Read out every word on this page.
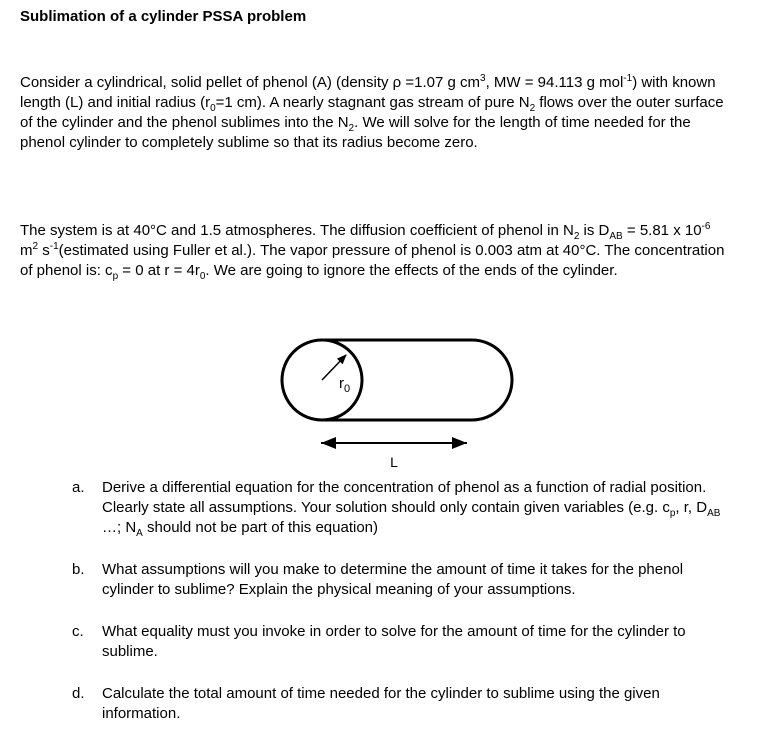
Sublimation of a cylinder PSSA problem

Consider a cylindrical, solid pellet of phenol (A) (density ρ =1.07 g $cm^3$, MW = 94.113 g mol$^{-1}$) with known length (L) and initial radius ($r_0=1$ cm). A nearly stagnant gas stream of pure $N_2$ flows over the outer surface of the cylinder and the phenol sublimes into the $N_2$. We will solve for the length of time needed for the phenol cylinder to completely sublime so that its radius become zero.

The system is at 40°C and 1.5 atmospheres. The diffusion coefficient of phenol in $N_2$ is $D_{AB} = 5.81$ x $10^{-6}$ $m^2$ $s^{-1}(estimated$ using Fuller et al.). The vapor pressure of phenol is 0.003 atm at 40°C. The concentration of phenol is: $c_p = 0$ at $r = 4r_0$. We are going to ignore the effects of the ends of the cylinder.

$r_0$
L
a.	Derive a differential equation for the concentration of phenol as a function of radial position. Clearly state all assumptions. Your solution should only contain given variables (e.g. $c_p$, r, $D_{AB}$ …; $N_A$ should not be part of this equation)
b.	What assumptions will you make to determine the amount of time it takes for the phenol cylinder to sublime? Explain the physical meaning of your assumptions.
c.	What equality must you invoke in order to solve for the amount of time for the cylinder to sublime.
d.	Calculate the total amount of time needed for the cylinder to sublime using the given information.
